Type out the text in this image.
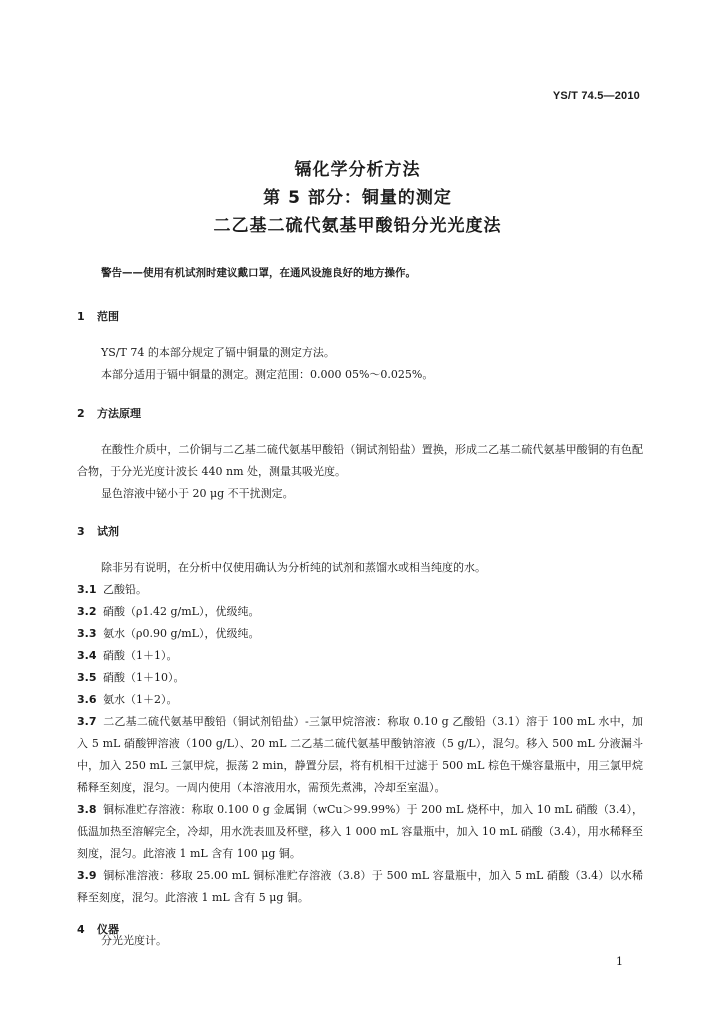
YS/T 74.5—2010
镉化学分析方法
第 5 部分：铜量的测定
二乙基二硫代氨基甲酸铅分光光度法
警告——使用有机试剂时建议戴口罩，在通风设施良好的地方操作。
1 范围
YS/T 74 的本部分规定了镉中铜量的测定方法。
本部分适用于镉中铜量的测定。测定范围：0.000 05%～0.025%。
2 方法原理
在酸性介质中，二价铜与二乙基二硫代氨基甲酸铅（铜试剂铅盐）置换，形成二乙基二硫代氨基甲酸铜的有色配合物，于分光光度计波长 440 nm 处，测量其吸光度。
显色溶液中铋小于 20 μg 不干扰测定。
3 试剂
除非另有说明，在分析中仅使用确认为分析纯的试剂和蒸馏水或相当纯度的水。
3.1 乙酸铅。
3.2 硝酸（ρ1.42 g/mL），优级纯。
3.3 氨水（ρ0.90 g/mL），优级纯。
3.4 硝酸（1＋1）。
3.5 硝酸（1＋10）。
3.6 氨水（1＋2）。
3.7 二乙基二硫代氨基甲酸铅（铜试剂铅盐）-三氯甲烷溶液：称取 0.10 g 乙酸铅（3.1）溶于 100 mL 水中，加入 5 mL 硝酸钾溶液（100 g/L）、20 mL 二乙基二硫代氨基甲酸钠溶液（5 g/L），混匀。移入 500 mL 分液漏斗中，加入 250 mL 三氯甲烷，振荡 2 min，静置分层，将有机相干过滤于 500 mL 棕色干燥容量瓶中，用三氯甲烷稀释至刻度，混匀。一周内使用（本溶液用水，需预先煮沸，冷却至室温）。
3.8 铜标准贮存溶液：称取 0.100 0 g 金属铜（wCu＞99.99%）于 200 mL 烧杯中，加入 10 mL 硝酸（3.4），低温加热至溶解完全，冷却，用水洗表皿及杯壁，移入 1 000 mL 容量瓶中，加入 10 mL 硝酸（3.4），用水稀释至刻度，混匀。此溶液 1 mL 含有 100 μg 铜。
3.9 铜标准溶液：移取 25.00 mL 铜标准贮存溶液（3.8）于 500 mL 容量瓶中，加入 5 mL 硝酸（3.4）以水稀释至刻度，混匀。此溶液 1 mL 含有 5 μg 铜。
4 仪器
分光光度计。
1
